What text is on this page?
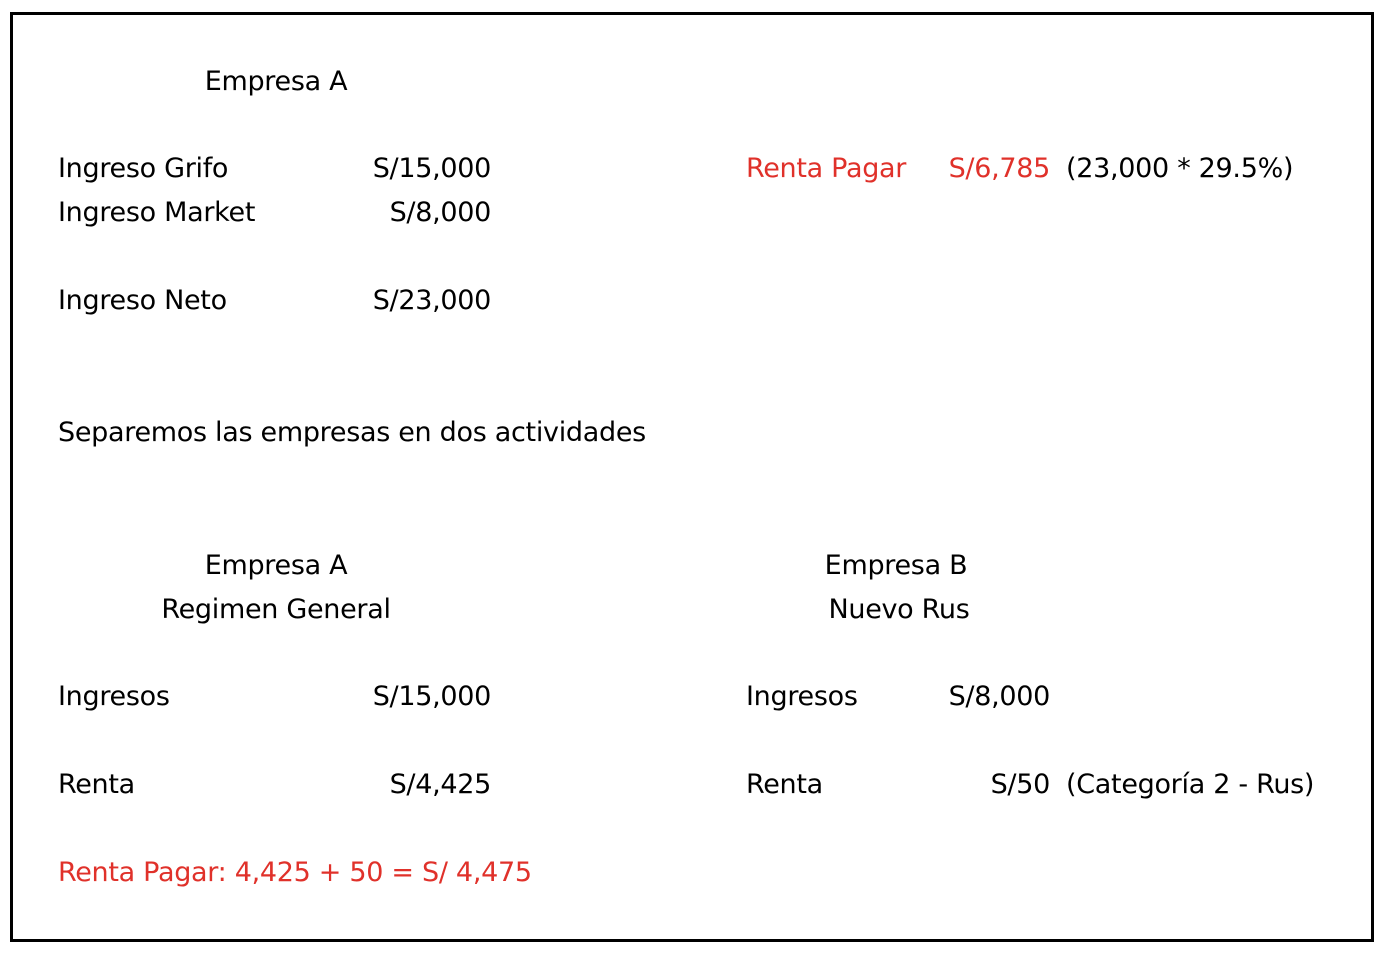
Empresa A
Ingreso Grifo	S/15,000
Ingreso Market	S/8,000
Ingreso Neto	S/23,000
Renta Pagar S/6,785 (23,000 * 29.5%)
Separemos las empresas en dos actividades
Empresa A
Regimen General
Ingresos	S/15,000
Renta	S/4,425
Empresa B
Nuevo Rus
Ingresos	S/8,000
Renta	S/50 (Categoría 2 - Rus)
Renta Pagar: 4,425 + 50 = S/ 4,475
